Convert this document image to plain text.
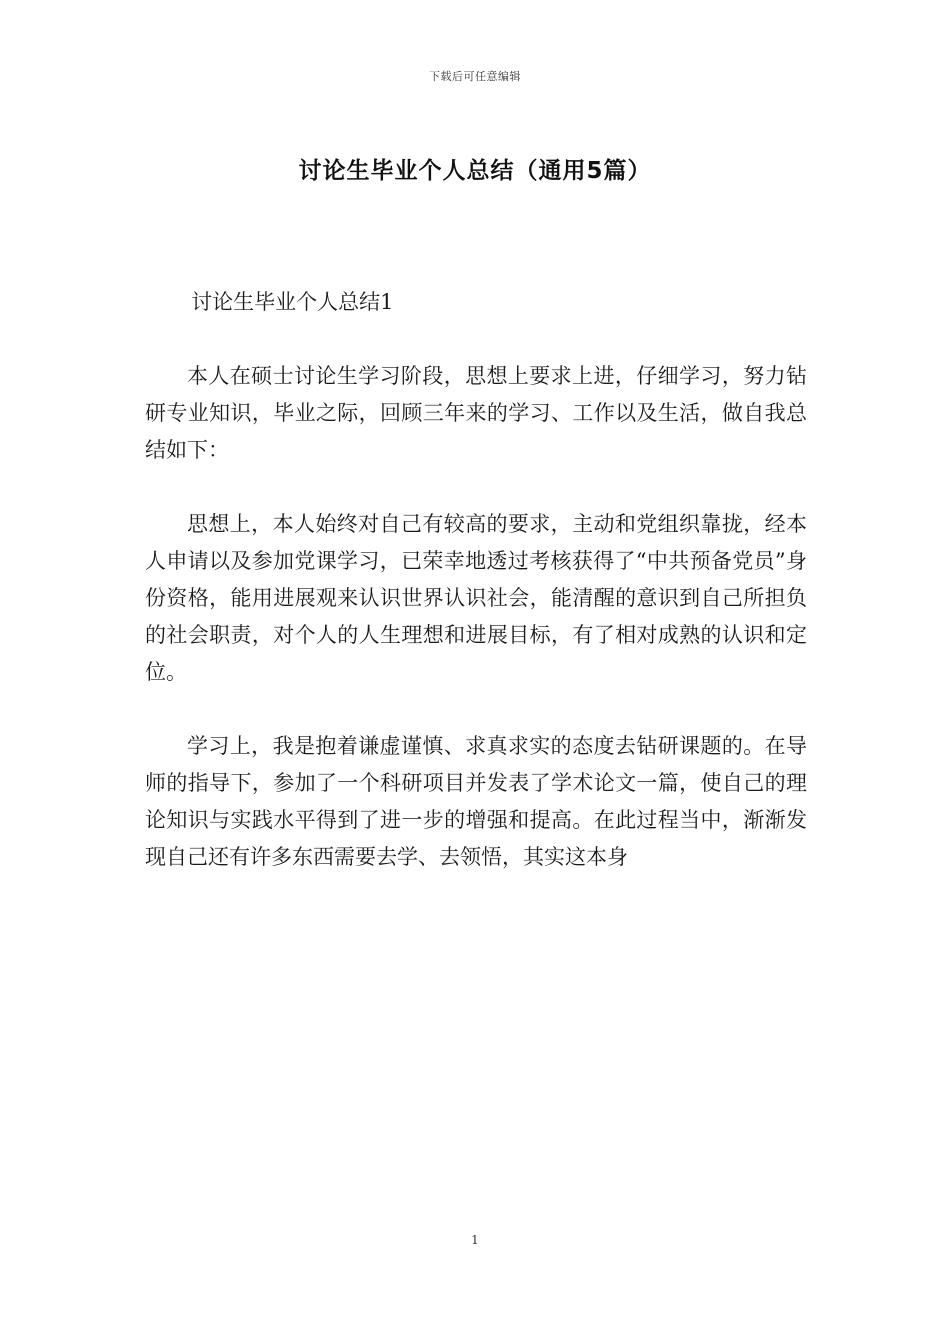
下载后可任意编辑
讨论生毕业个人总结（通用5篇）

讨论生毕业个人总结1

本人在硕士讨论生学习阶段，思想上要求上进，仔细学习，努力钻研专业知识，毕业之际，回顾三年来的学习、工作以及生活，做自我总结如下：

思想上，本人始终对自己有较高的要求，主动和党组织靠拢，经本人申请以及参加党课学习，已荣幸地透过考核获得了“中共预备党员”身份资格，能用进展观来认识世界认识社会，能清醒的意识到自己所担负的社会职责，对个人的人生理想和进展目标，有了相对成熟的认识和定位。

学习上，我是抱着谦虚谨慎、求真求实的态度去钻研课题的。在导师的指导下，参加了一个科研项目并发表了学术论文一篇，使自己的理论知识与实践水平得到了进一步的增强和提高。在此过程当中，渐渐发现自己还有许多东西需要去学、去领悟，其实这本身

1
